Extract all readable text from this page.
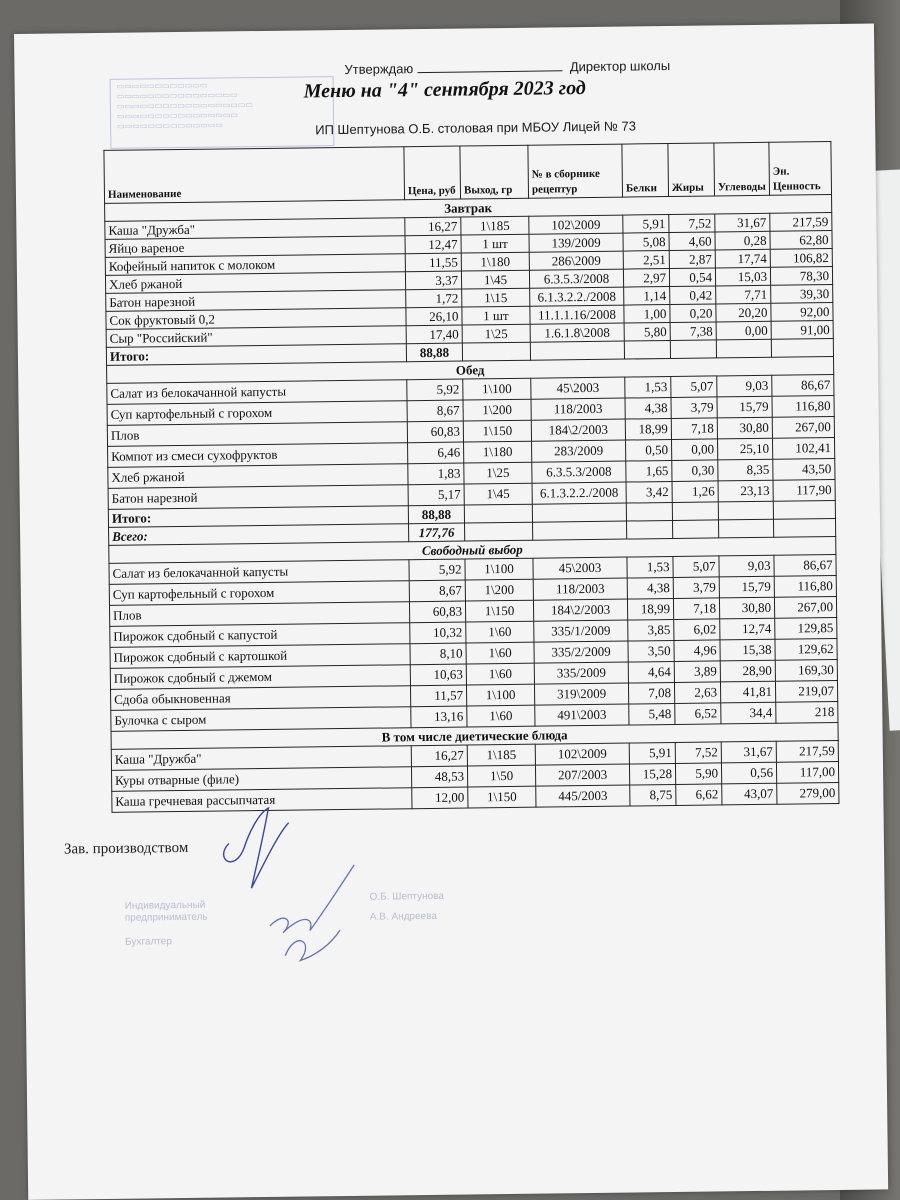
▭▭▭▭▭▭▭▭▭▭▭▭
▭▭▭▭▭▭▭▭▭▭▭▭▭▭▭▭
▭▭▭▭▭▭▭▭▭▭▭▭▭▭▭▭▭▭
▭▭▭▭▭▭▭▭▭▭▭▭▭▭▭▭
▭▭▭▭▭▭▭▭▭▭▭▭▭▭
Утверждаю	Директор школы
Меню на "4" сентября 2023 год
ИП Шептунова О.Б. столовая при МБОУ Лицей № 73
Наименование	Цена, руб	Выход, гр	№ в сборнике рецептур	Белки	Жиры	Углеводы	Эн. Ценность
Завтрак							
Каша "Дружба"	16,27	1\185	102\2009	5,91	7,52	31,67	217,59
Яйцо вареное	12,47	1 шт	139/2009	5,08	4,60	0,28	62,80
Кофейный напиток с молоком	11,55	1\180	286\2009	2,51	2,87	17,74	106,82
Хлеб ржаной	3,37	1\45	6.3.5.3/2008	2,97	0,54	15,03	78,30
Батон нарезной	1,72	1\15	6.1.3.2.2./2008	1,14	0,42	7,71	39,30
Сок фруктовый 0,2	26,10	1 шт	11.1.1.16/2008	1,00	0,20	20,20	92,00
Сыр "Российский"	17,40	1\25	1.6.1.8\2008	5,80	7,38	0,00	91,00
Итого:	88,88						
Обед							
Салат из белокачанной капусты	5,92	1\100	45\2003	1,53	5,07	9,03	86,67
Суп картофельный с горохом	8,67	1\200	118/2003	4,38	3,79	15,79	116,80
Плов	60,83	1\150	184\2/2003	18,99	7,18	30,80	267,00
Компот из смеси сухофруктов	6,46	1\180	283/2009	0,50	0,00	25,10	102,41
Хлеб ржаной	1,83	1\25	6.3.5.3/2008	1,65	0,30	8,35	43,50
Батон нарезной	5,17	1\45	6.1.3.2.2./2008	3,42	1,26	23,13	117,90
Итого:	88,88						
Всего:	177,76						
Свободный выбор							
Салат из белокачанной капусты	5,92	1\100	45\2003	1,53	5,07	9,03	86,67
Суп картофельный с горохом	8,67	1\200	118/2003	4,38	3,79	15,79	116,80
Плов	60,83	1\150	184\2/2003	18,99	7,18	30,80	267,00
Пирожок сдобный с капустой	10,32	1\60	335/1/2009	3,85	6,02	12,74	129,85
Пирожок сдобный с картошкой	8,10	1\60	335/2/2009	3,50	4,96	15,38	129,62
Пирожок сдобный с джемом	10,63	1\60	335/2009	4,64	3,89	28,90	169,30
Сдоба обыкновенная	11,57	1\100	319\2009	7,08	2,63	41,81	219,07
Булочка с сыром	13,16	1\60	491\2003	5,48	6,52	34,4	218
В том числе диетические блюда							
Каша "Дружба"	16,27	1\185	102\2009	5,91	7,52	31,67	217,59
Куры отварные (филе)	48,53	1\50	207/2003	15,28	5,90	0,56	117,00
Каша гречневая рассыпчатая	12,00	1\150	445/2003	8,75	6,62	43,07	279,00
Зав. производством
Индивидуальный
предприниматель
Бухгалтер
О.Б. Шептунова
А.В. Андреева
